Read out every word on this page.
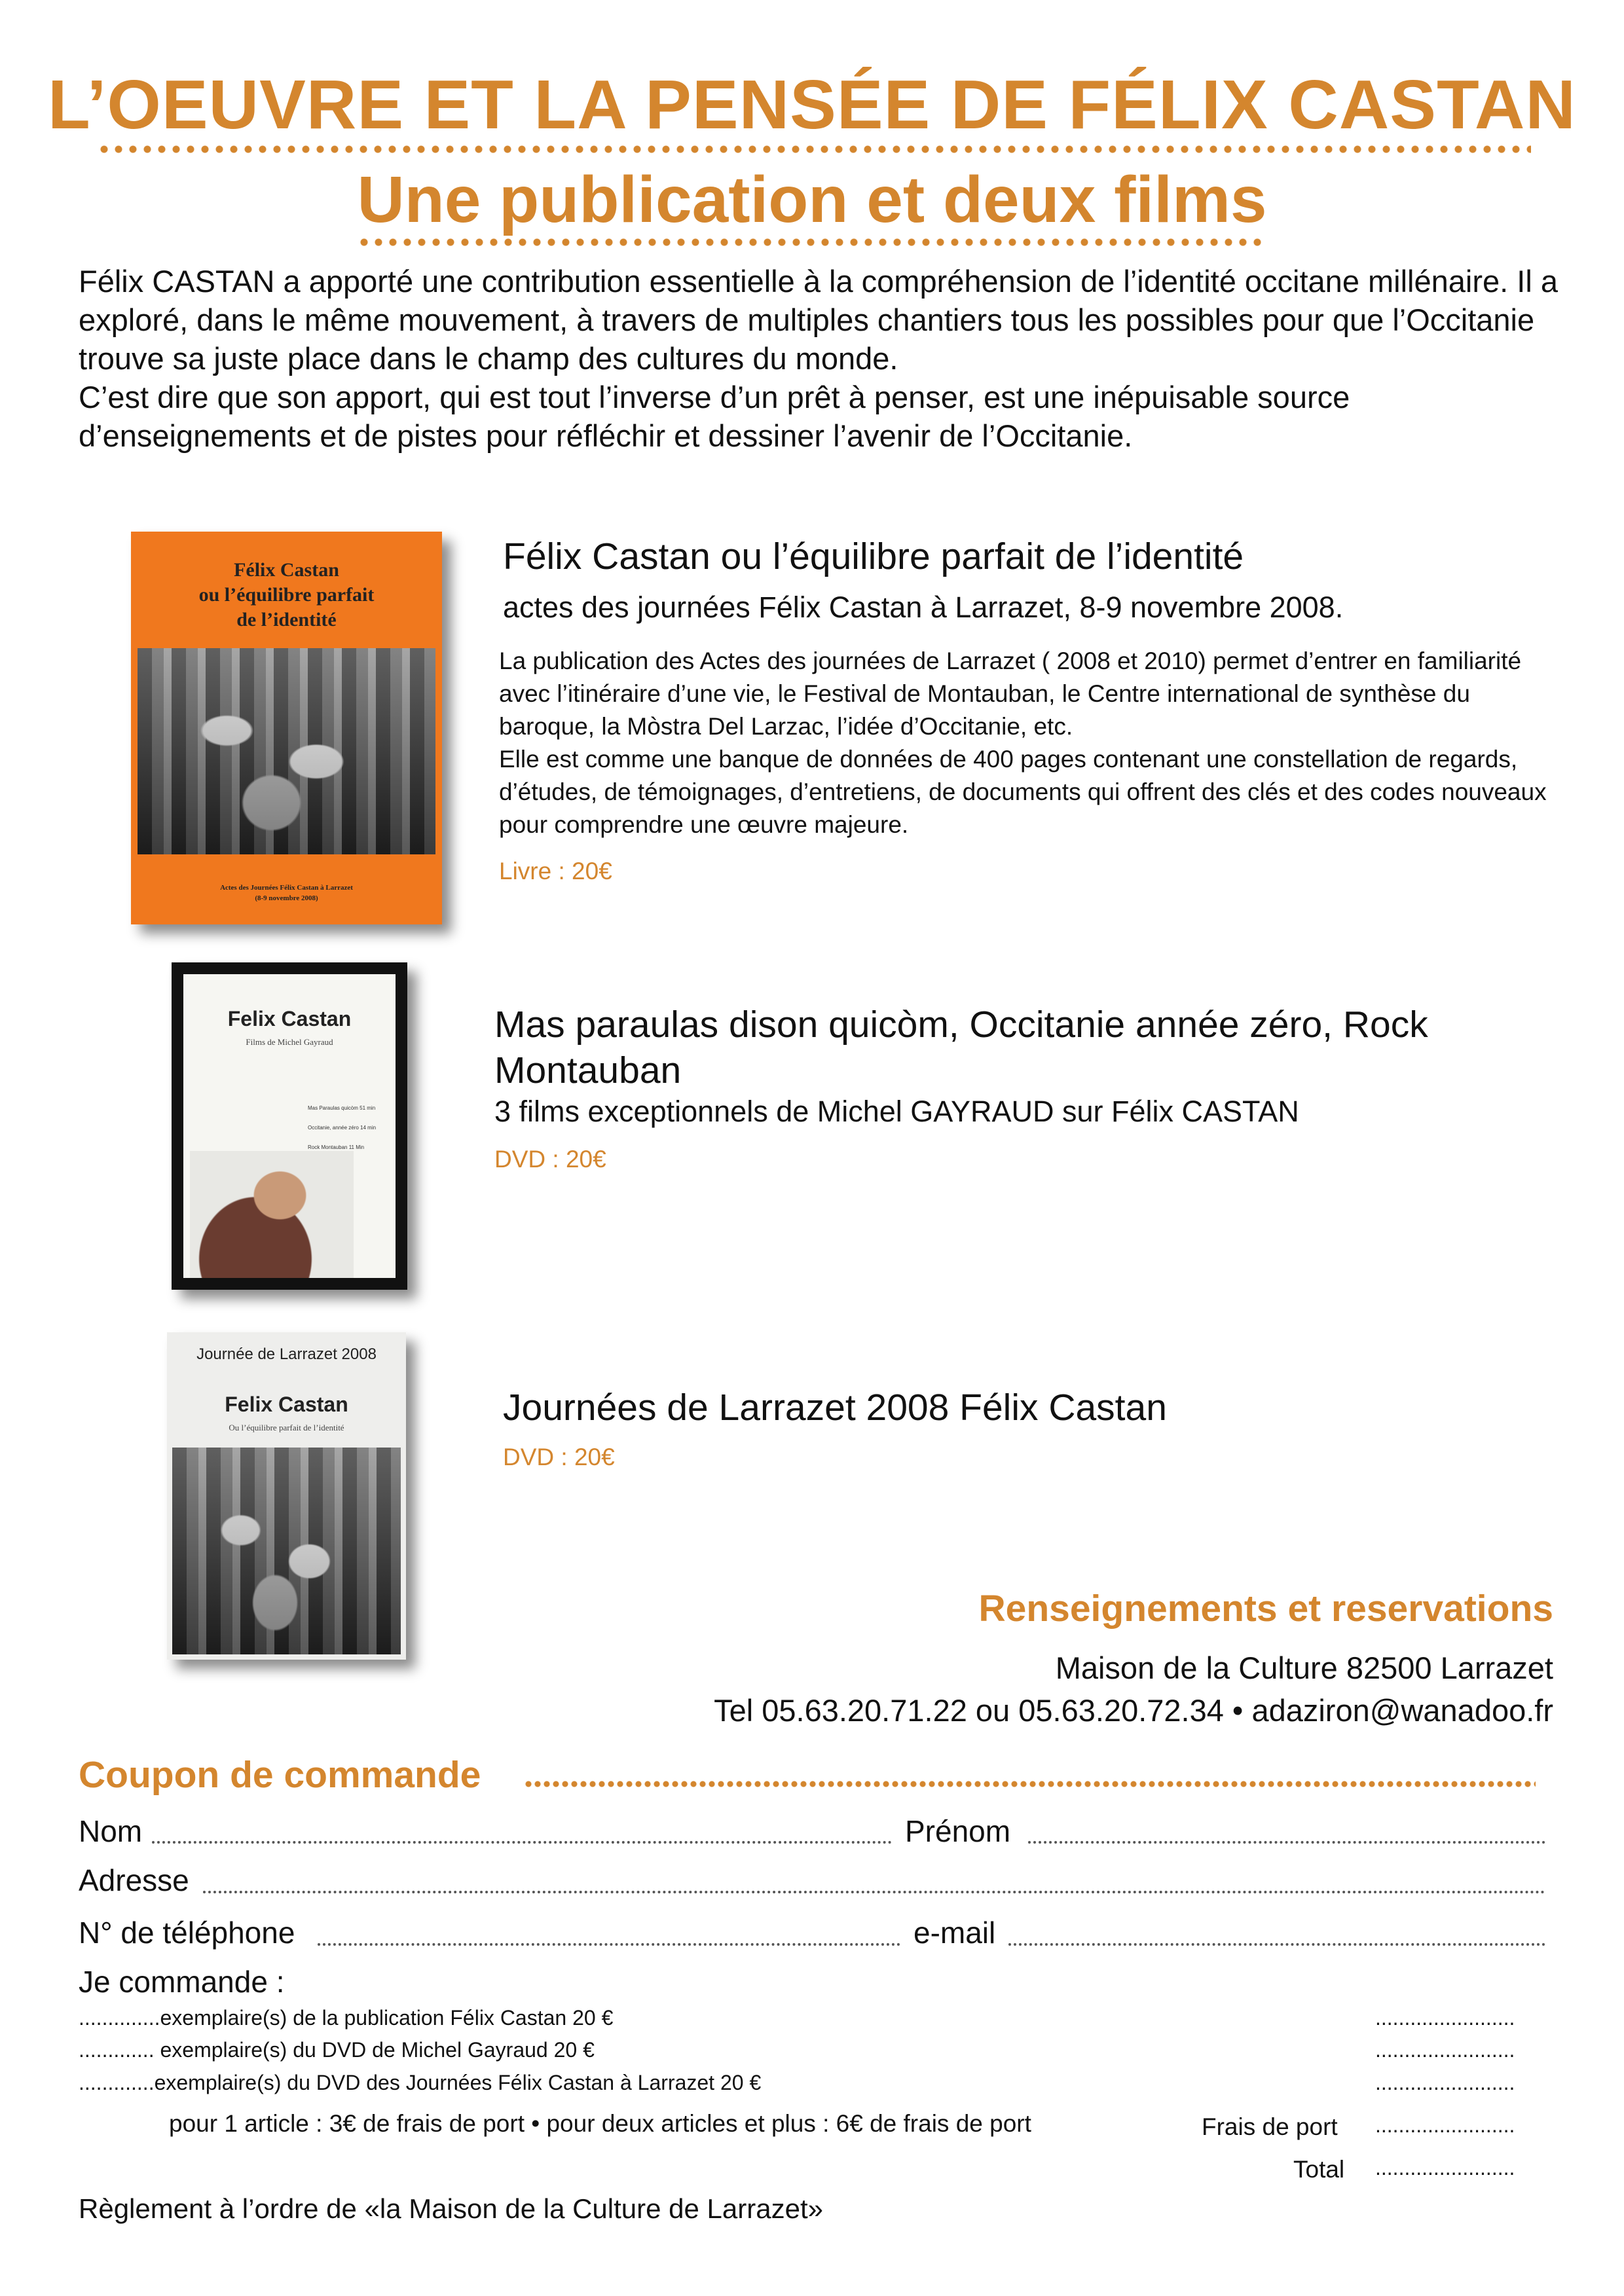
L’OEUVRE ET LA PENSÉE DE FÉLIX CASTAN
Une publication et deux films

Félix CASTAN a apporté une contribution essentielle à la compréhension de l’identité occitane millénaire. Il a exploré, dans le même mouvement, à travers de multiples chantiers tous les possibles pour que l’Occitanie trouve sa juste place dans le champ des cultures du monde.

C’est dire que son apport, qui est tout l’inverse d’un prêt à penser, est une inépuisable source d’enseignements et de pistes pour réfléchir et dessiner l’avenir de l’Occitanie.

Félix Castan
ou l’équilibre parfait
de l’identité
Actes des Journées Félix Castan à Larrazet
(8-9 novembre 2008)
Félix Castan ou l’équilibre parfait de l’identité
actes des journées Félix Castan à Larrazet, 8-9 novembre 2008.
La publication des Actes des journées de Larrazet ( 2008 et 2010) permet d’entrer en familiarité avec l’itinéraire d’une vie, le Festival de Montauban, le Centre international de synthèse du baroque, la Mòstra Del Larzac, l’idée d’Occitanie, etc.
Elle est comme une banque de données de 400 pages contenant une constellation de regards, d’études, de témoignages, d’entretiens, de documents qui offrent des clés et des codes nouveaux pour comprendre une œuvre majeure.
Livre : 20€
Felix Castan
Films de Michel Gayraud
Mas Paraulas quicòm 51 min
Occitanie, année zéro 14 min
Rock Montauban 11 Min
Mas paraulas dison quicòm, Occitanie année zéro, Rock Montauban
3 films exceptionnels de Michel GAYRAUD sur Félix CASTAN
DVD : 20€
Journée de Larrazet 2008
Felix Castan
Ou l’équilibre parfait de l’identité	Journées de Larrazet 2008 Félix Castan
DVD : 20€
Renseignements et reservations
Maison de la Culture 82500 Larrazet
Tel 05.63.20.71.22 ou 05.63.20.72.34 • adaziron@wanadoo.fr
Coupon de commande
Nom	Prénom
Adresse
N° de téléphone	e-mail
Je commande :
..............exemplaire(s) de la publication Félix Castan 20 €	........................
............. exemplaire(s) du DVD de Michel Gayraud 20 €	........................
.............exemplaire(s) du DVD des Journées Félix Castan à Larrazet 20 €	........................
pour 1 article : 3€ de frais de port • pour deux articles et plus : 6€ de frais de port	Frais de port ........................
Total ........................
Règlement à l’ordre de «la Maison de la Culture de Larrazet»
